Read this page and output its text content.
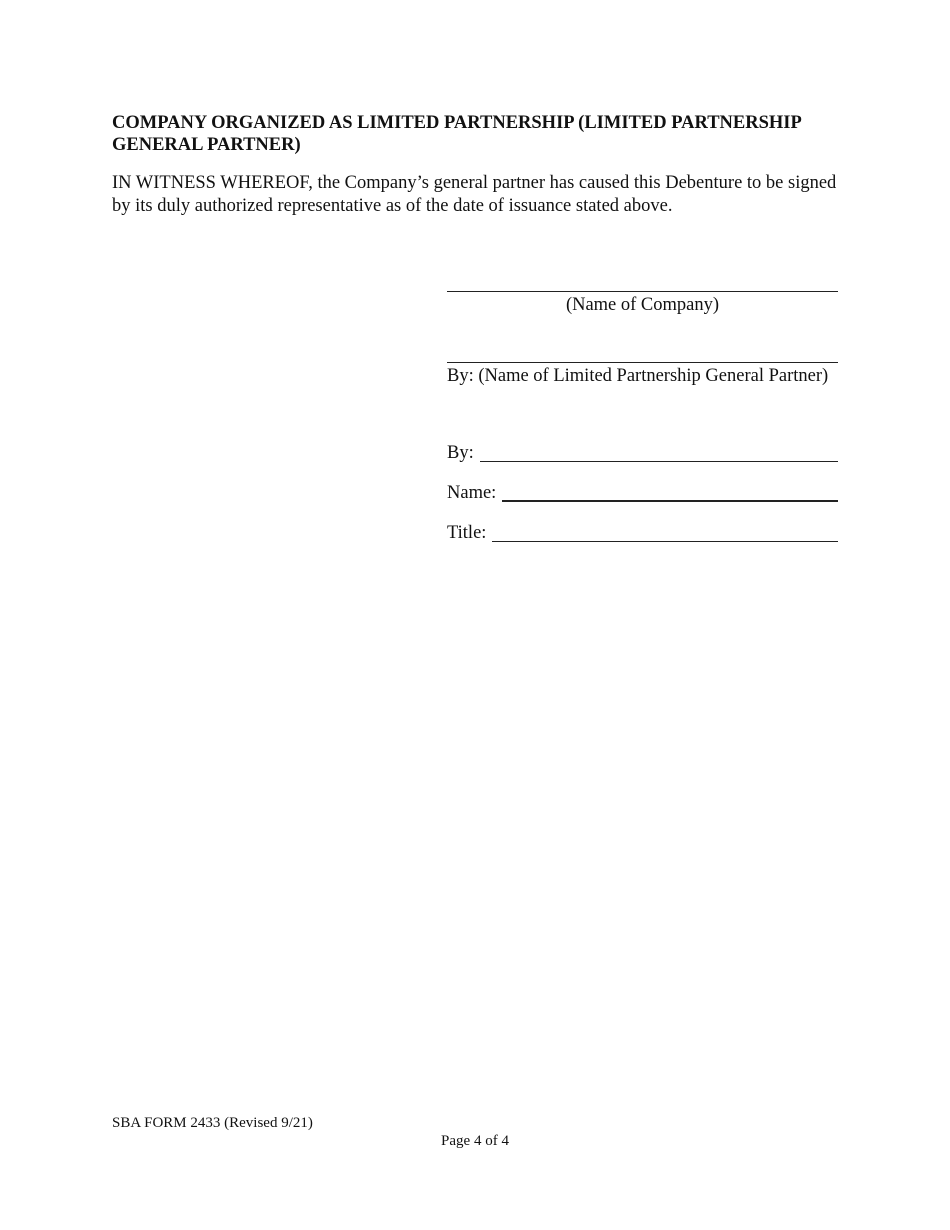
COMPANY ORGANIZED AS LIMITED PARTNERSHIP (LIMITED PARTNERSHIP GENERAL PARTNER)

IN WITNESS WHEREOF, the Company’s general partner has caused this Debenture to be signed by its duly authorized representative as of the date of issuance stated above.

(Name of Company)
By: (Name of Limited Partnership General Partner)
By:
Name:
Title:
SBA FORM 2433 (Revised 9/21)
Page 4 of 4
